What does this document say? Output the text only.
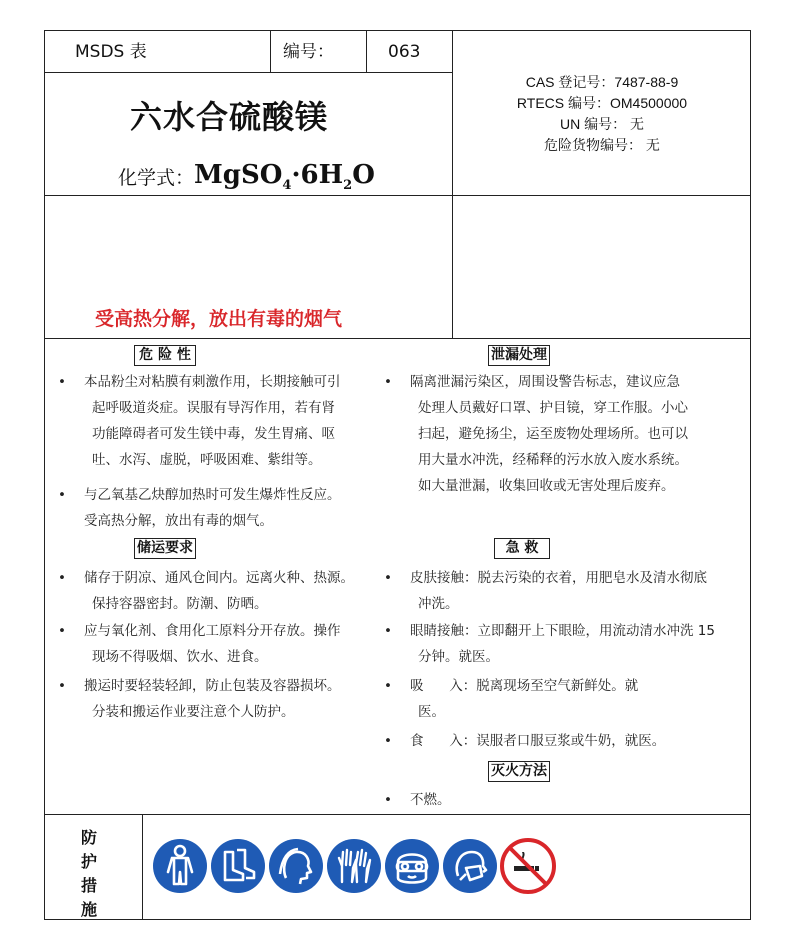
MSDS 表	编号：	063
六水合硫酸镁
化学式：$MgSO_4\cdot 6H_2O$
CAS 登记号：7487-88-9
RTECS 编号：OM4500000
UN 编号： 无
危险货物编号： 无
受高热分解，放出有毒的烟气
危 险 性	泄漏处理
储运要求	急 救
灭火方法
• 本品粉尘对粘膜有刺激作用，长期接触可引
起呼吸道炎症。误服有导泻作用，若有肾
功能障碍者可发生镁中毒，发生胃痛、呕
吐、水泻、虚脱，呼吸困难、紫绀等。
• 与乙氧基乙炔醇加热时可发生爆炸性反应。
受高热分解，放出有毒的烟气。
• 隔离泄漏污染区，周围设警告标志，建议应急
处理人员戴好口罩、护目镜，穿工作服。小心
扫起，避免扬尘，运至废物处理场所。也可以
用大量水冲洗，经稀释的污水放入废水系统。
如大量泄漏，收集回收或无害处理后废弃。
• 储存于阴凉、通风仓间内。远离火种、热源。
保持容器密封。防潮、防晒。
• 应与氧化剂、食用化工原料分开存放。操作
现场不得吸烟、饮水、进食。
• 搬运时要轻装轻卸，防止包装及容器损坏。
分装和搬运作业要注意个人防护。
• 皮肤接触：脱去污染的衣着，用肥皂水及清水彻底
冲洗。
• 眼睛接触：立即翻开上下眼睑，用流动清水冲洗 15
分钟。就医。
• 吸      入：脱离现场至空气新鲜处。就
医。
• 食      入：误服者口服豆浆或牛奶，就医。
• 不燃。
防
护
措
施
